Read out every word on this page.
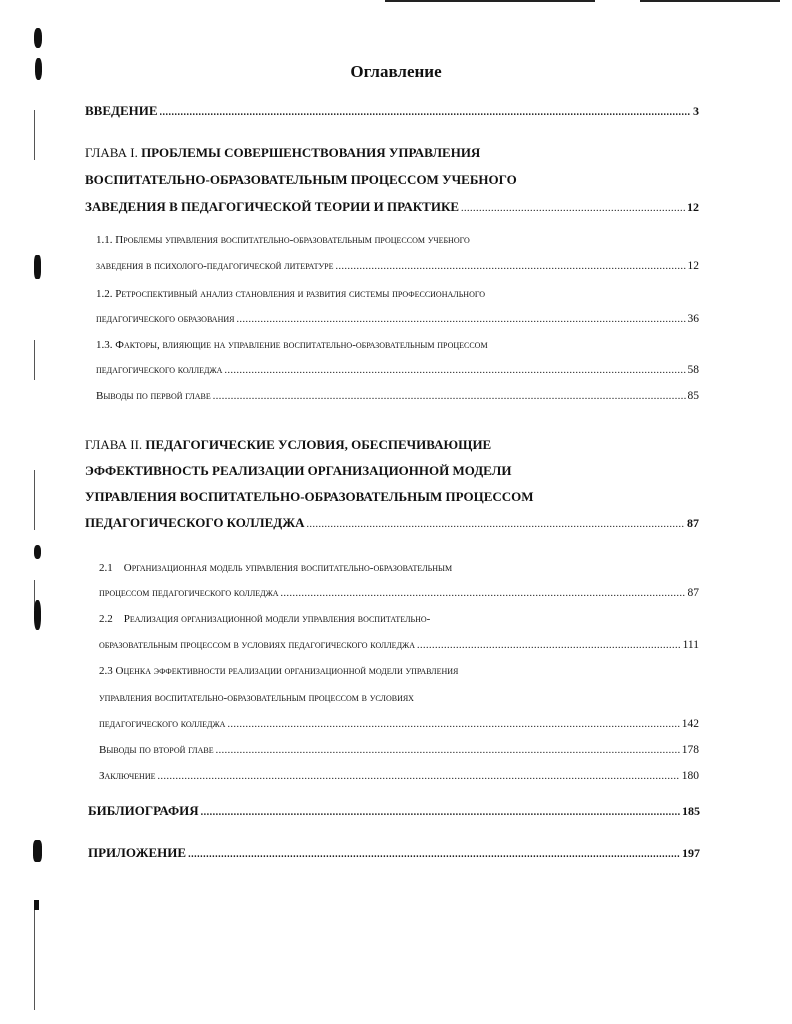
Оглавление
ВВЕДЕНИЕ .....	3
ГЛАВА I. ПРОБЛЕМЫ СОВЕРШЕНСТВОВАНИЯ УПРАВЛЕНИЯ
ВОСПИТАТЕЛЬНО-ОБРАЗОВАТЕЛЬНЫМ ПРОЦЕССОМ УЧЕБНОГО
ЗАВЕДЕНИЯ В ПЕДАГОГИЧЕСКОЙ ТЕОРИИ И ПРАКТИКЕ .....	12
1.1. Проблемы управления воспитательно-образовательным процессом учебного
заведения в психолого-педагогической литературе .....	12
1.2. Ретроспективный анализ становления и развития системы профессионального
педагогического образования .....	36
1.3. Факторы, влияющие на управление воспитательно-образовательным процессом
педагогического колледжа .....	58
Выводы по первой главе .....	85
ГЛАВА II. ПЕДАГОГИЧЕСКИЕ УСЛОВИЯ, ОБЕСПЕЧИВАЮЩИЕ
ЭФФЕКТИВНОСТЬ РЕАЛИЗАЦИИ ОРГАНИЗАЦИОННОЙ МОДЕЛИ
УПРАВЛЕНИЯ ВОСПИТАТЕЛЬНО-ОБРАЗОВАТЕЛЬНЫМ ПРОЦЕССОМ
ПЕДАГОГИЧЕСКОГО КОЛЛЕДЖА .....	87
2.1    Организационная модель управления воспитательно-образовательным
процессом педагогического колледжа .....	87
2.2    Реализация организационной модели управления воспитательно-
образовательным процессом в условиях педагогического колледжа .....	111
2.3 Оценка эффективности реализации организационной модели управления
управления воспитательно-образовательным процессом в условиях
педагогического колледжа .....	142
Выводы по второй главе .....	178
Заключение .....	180
БИБЛИОГРАФИЯ .....	185
ПРИЛОЖЕНИЕ .....	197
